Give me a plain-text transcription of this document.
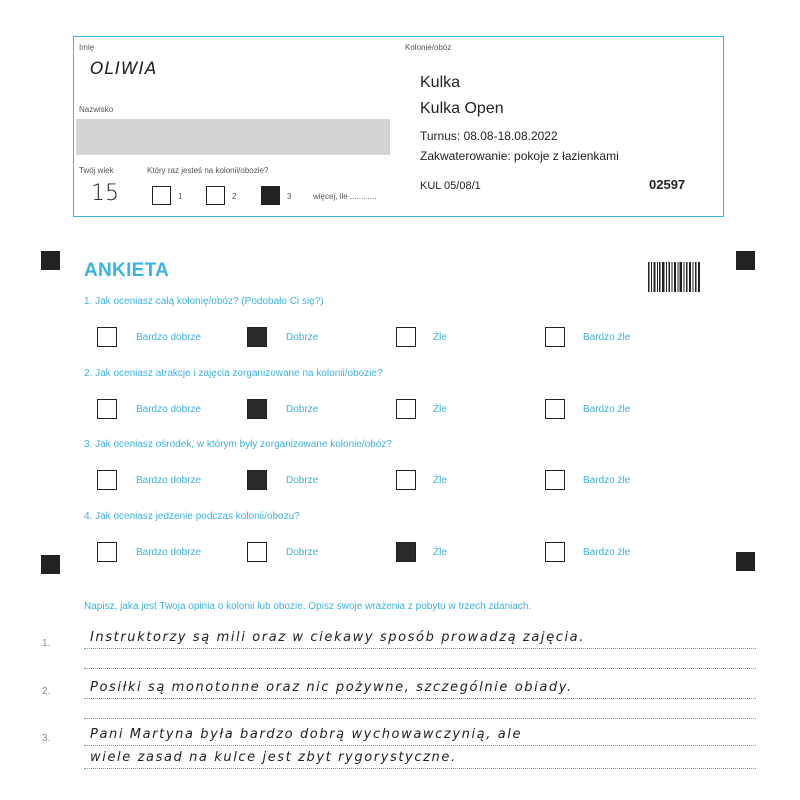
Imię
OLIWIA
Nazwisko
Twój wiek
15
Który raz jesteś na kolonii/obozie?
1	2	3	więcej, ile ............
Kolonie/obóz
Kulka
Kulka Open
Turnus: 08.08-18.08.2022
Zakwaterowanie: pokoje z łazienkami
KUL 05/08/1	02597
ANKIETA
1. Jak oceniasz całą kolonię/obóz? (Podobało Ci się?)
Bardzo dobrze	Dobrze	Źle	Bardzo źle
2. Jak oceniasz atrakcje i zajęcia zorganizowane na kolonii/obozie?
Bardzo dobrze	Dobrze	Źle	Bardzo źle
3. Jak oceniasz ośrodek, w którym były zorganizowane kolonie/obóz?
Bardzo dobrze	Dobrze	Źle	Bardzo źle
4. Jak oceniasz jedzenie podczas kolonii/obozu?
Bardzo dobrze	Dobrze	Źle	Bardzo źle
Napisz, jaka jest Twoja opinia o kolonii lub obozie. Opisz swoje wrażenia z pobytu w trzech zdaniach.
1.	Instruktorzy są mili oraz w ciekawy sposób prowadzą zajęcia.
2.	Posiłki są monotonne oraz nic pożywne, szczególnie obiady.
3.	Pani Martyna była bardzo dobrą wychowawczynią, ale
wiele zasad na kulce jest zbyt rygorystyczne.
